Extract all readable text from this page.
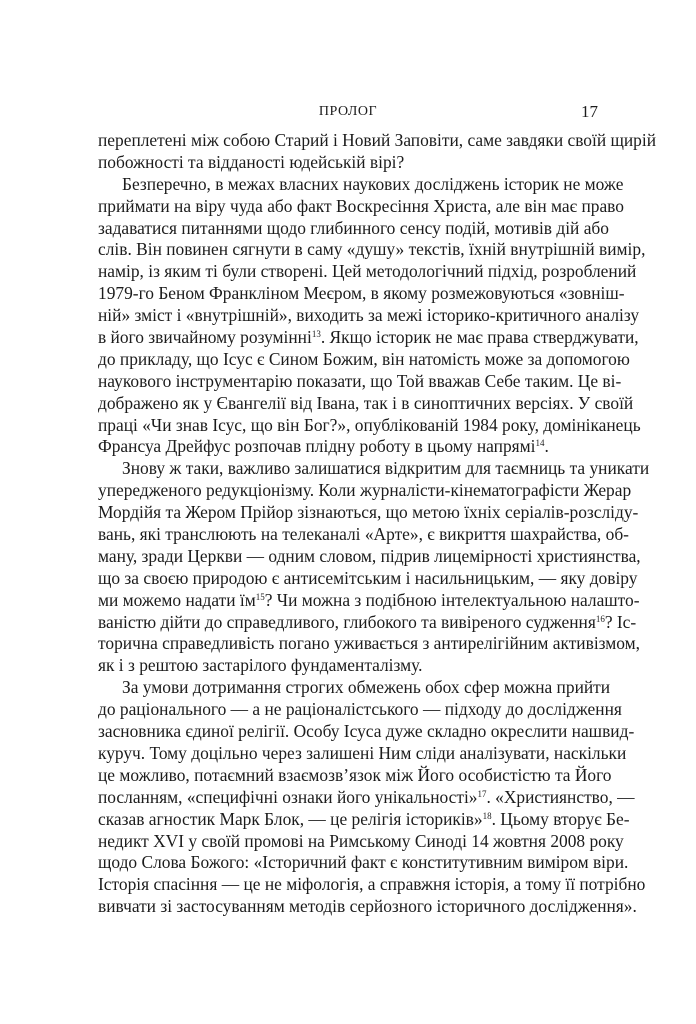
ПРОЛОГ	17
переплетені між собою Старий і Новий Заповіти, саме завдяки своїй щирій
побожності та відданості юдейській вірі?
Безперечно, в межах власних наукових досліджень історик не може
приймати на віру чуда або факт Воскресіння Христа, але він має право
задаватися питаннями щодо глибинного сенсу подій, мотивів дій або
слів. Він повинен сягнути в саму «душу» текстів, їхній внутрішній вимір,
намір, із яким ті були створені. Цей методологічний підхід, розроблений
1979-го Беном Франкліном Меєром, в якому розмежовуються «зовніш-
ній» зміст і «внутрішній», виходить за межі історико-критичного аналізу
в його звичайному розумінні$^{13}$. Якщо історик не має права стверджувати,
до прикладу, що Ісус є Сином Божим, він натомість може за допомогою
наукового інструментарію показати, що Той вважав Себе таким. Це ві-
дображено як у Євангелії від Івана, так і в синоптичних версіях. У своїй
праці «Чи знав Ісус, що він Бог?», опублікованій 1984 року, домініканець
Франсуа Дрейфус розпочав плідну роботу в цьому напрямі$^{14}$.
Знову ж таки, важливо залишатися відкритим для таємниць та уникати
упередженого редукціонізму. Коли журналісти-кінематографісти Жерар
Мордійя та Жером Прійор зізнаються, що метою їхніх серіалів-розсліду-
вань, які транслюють на телеканалі «Арте», є викриття шахрайства, об-
ману, зради Церкви — одним словом, підрив лицемірності християнства,
що за своєю природою є антисемітським і насильницьким, — яку довіру
ми можемо надати $їм^{15}$? Чи можна з подібною інтелектуальною налашто-
ваністю дійти до справедливого, глибокого та вивіреного судження$^{16}$? Іс-
торична справедливість погано уживається з антирелігійним активізмом,
як і з рештою застарілого фундаменталізму.
За умови дотримання строгих обмежень обох сфер можна прийти
до раціонального — а не раціоналістського — підходу до дослідження
засновника єдиної релігії. Особу Ісуса дуже складно окреслити нашвид-
куруч. Тому доцільно через залишені Ним сліди аналізувати, наскільки
це можливо, потаємний взаємозв’язок між Його особистістю та Його
посланням, «специфічні ознаки його унікальності»$^{17}$. «Християнство, —
сказав агностик Марк Блок, — це релігія істориків»$^{18}$. Цьому вторує Бе-
недикт XVI у своїй промові на Римському Синоді 14 жовтня 2008 року
щодо Слова Божого: «Історичний факт є конститутивним виміром віри.
Історія спасіння — це не міфологія, а справжня історія, а тому її потрібно
вивчати зі застосуванням методів серйозного історичного дослідження».
